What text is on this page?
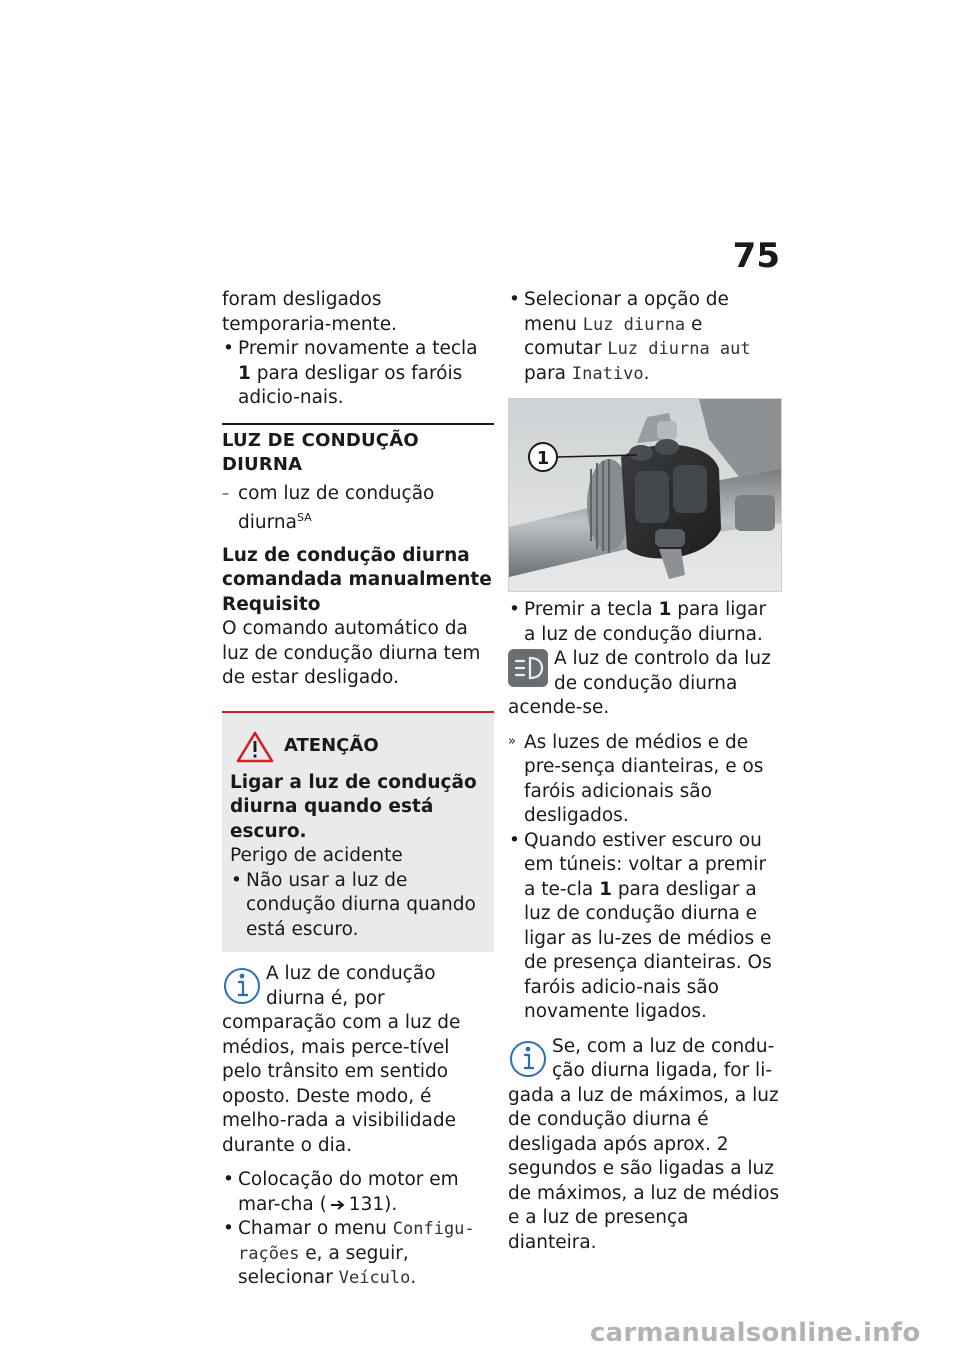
75

foram desligados temporaria-mente.

• Premir novamente a tecla 1 para desligar os faróis adicio-nais.

LUZ DE CONDUÇÃO DIURNA

– com luz de condução diurna$^{SA}$

Luz de condução diurna comandada manualmente

Requisito

O comando automático da luz de condução diurna tem de estar desligado.

ATENÇÃO

Ligar a luz de condução diurna quando está escuro.

Perigo de acidente

• Não usar a luz de condução diurna quando está escuro.

A luz de condução diurna é, por comparação com a luz de médios, mais perce-tível pelo trânsito em sentido oposto. Deste modo, é melho-rada a visibilidade durante o dia.

• Colocação do motor em mar-cha ( 131).

• Chamar o menu Configu-rações e, a seguir, selecionar Veículo.

• Selecionar a opção de menu Luz diurna e comutar Luz diurna aut para Inativo.

1

• Premir a tecla 1 para ligar a luz de condução diurna.

A luz de controlo da luz de condução diurna acende-se.

» As luzes de médios e de pre-sença dianteiras, e os faróis adicionais são desligados.

• Quando estiver escuro ou em túneis: voltar a premir a te-cla 1 para desligar a luz de condução diurna e ligar as lu-zes de médios e de presença dianteiras. Os faróis adicio-nais são novamente ligados.

Se, com a luz de condu-ção diurna ligada, for li-gada a luz de máximos, a luz de condução diurna é desligada após aprox. 2 segundos e são ligadas a luz de máximos, a luz de médios e a luz de presença dianteira.

carmanualsonline.info
